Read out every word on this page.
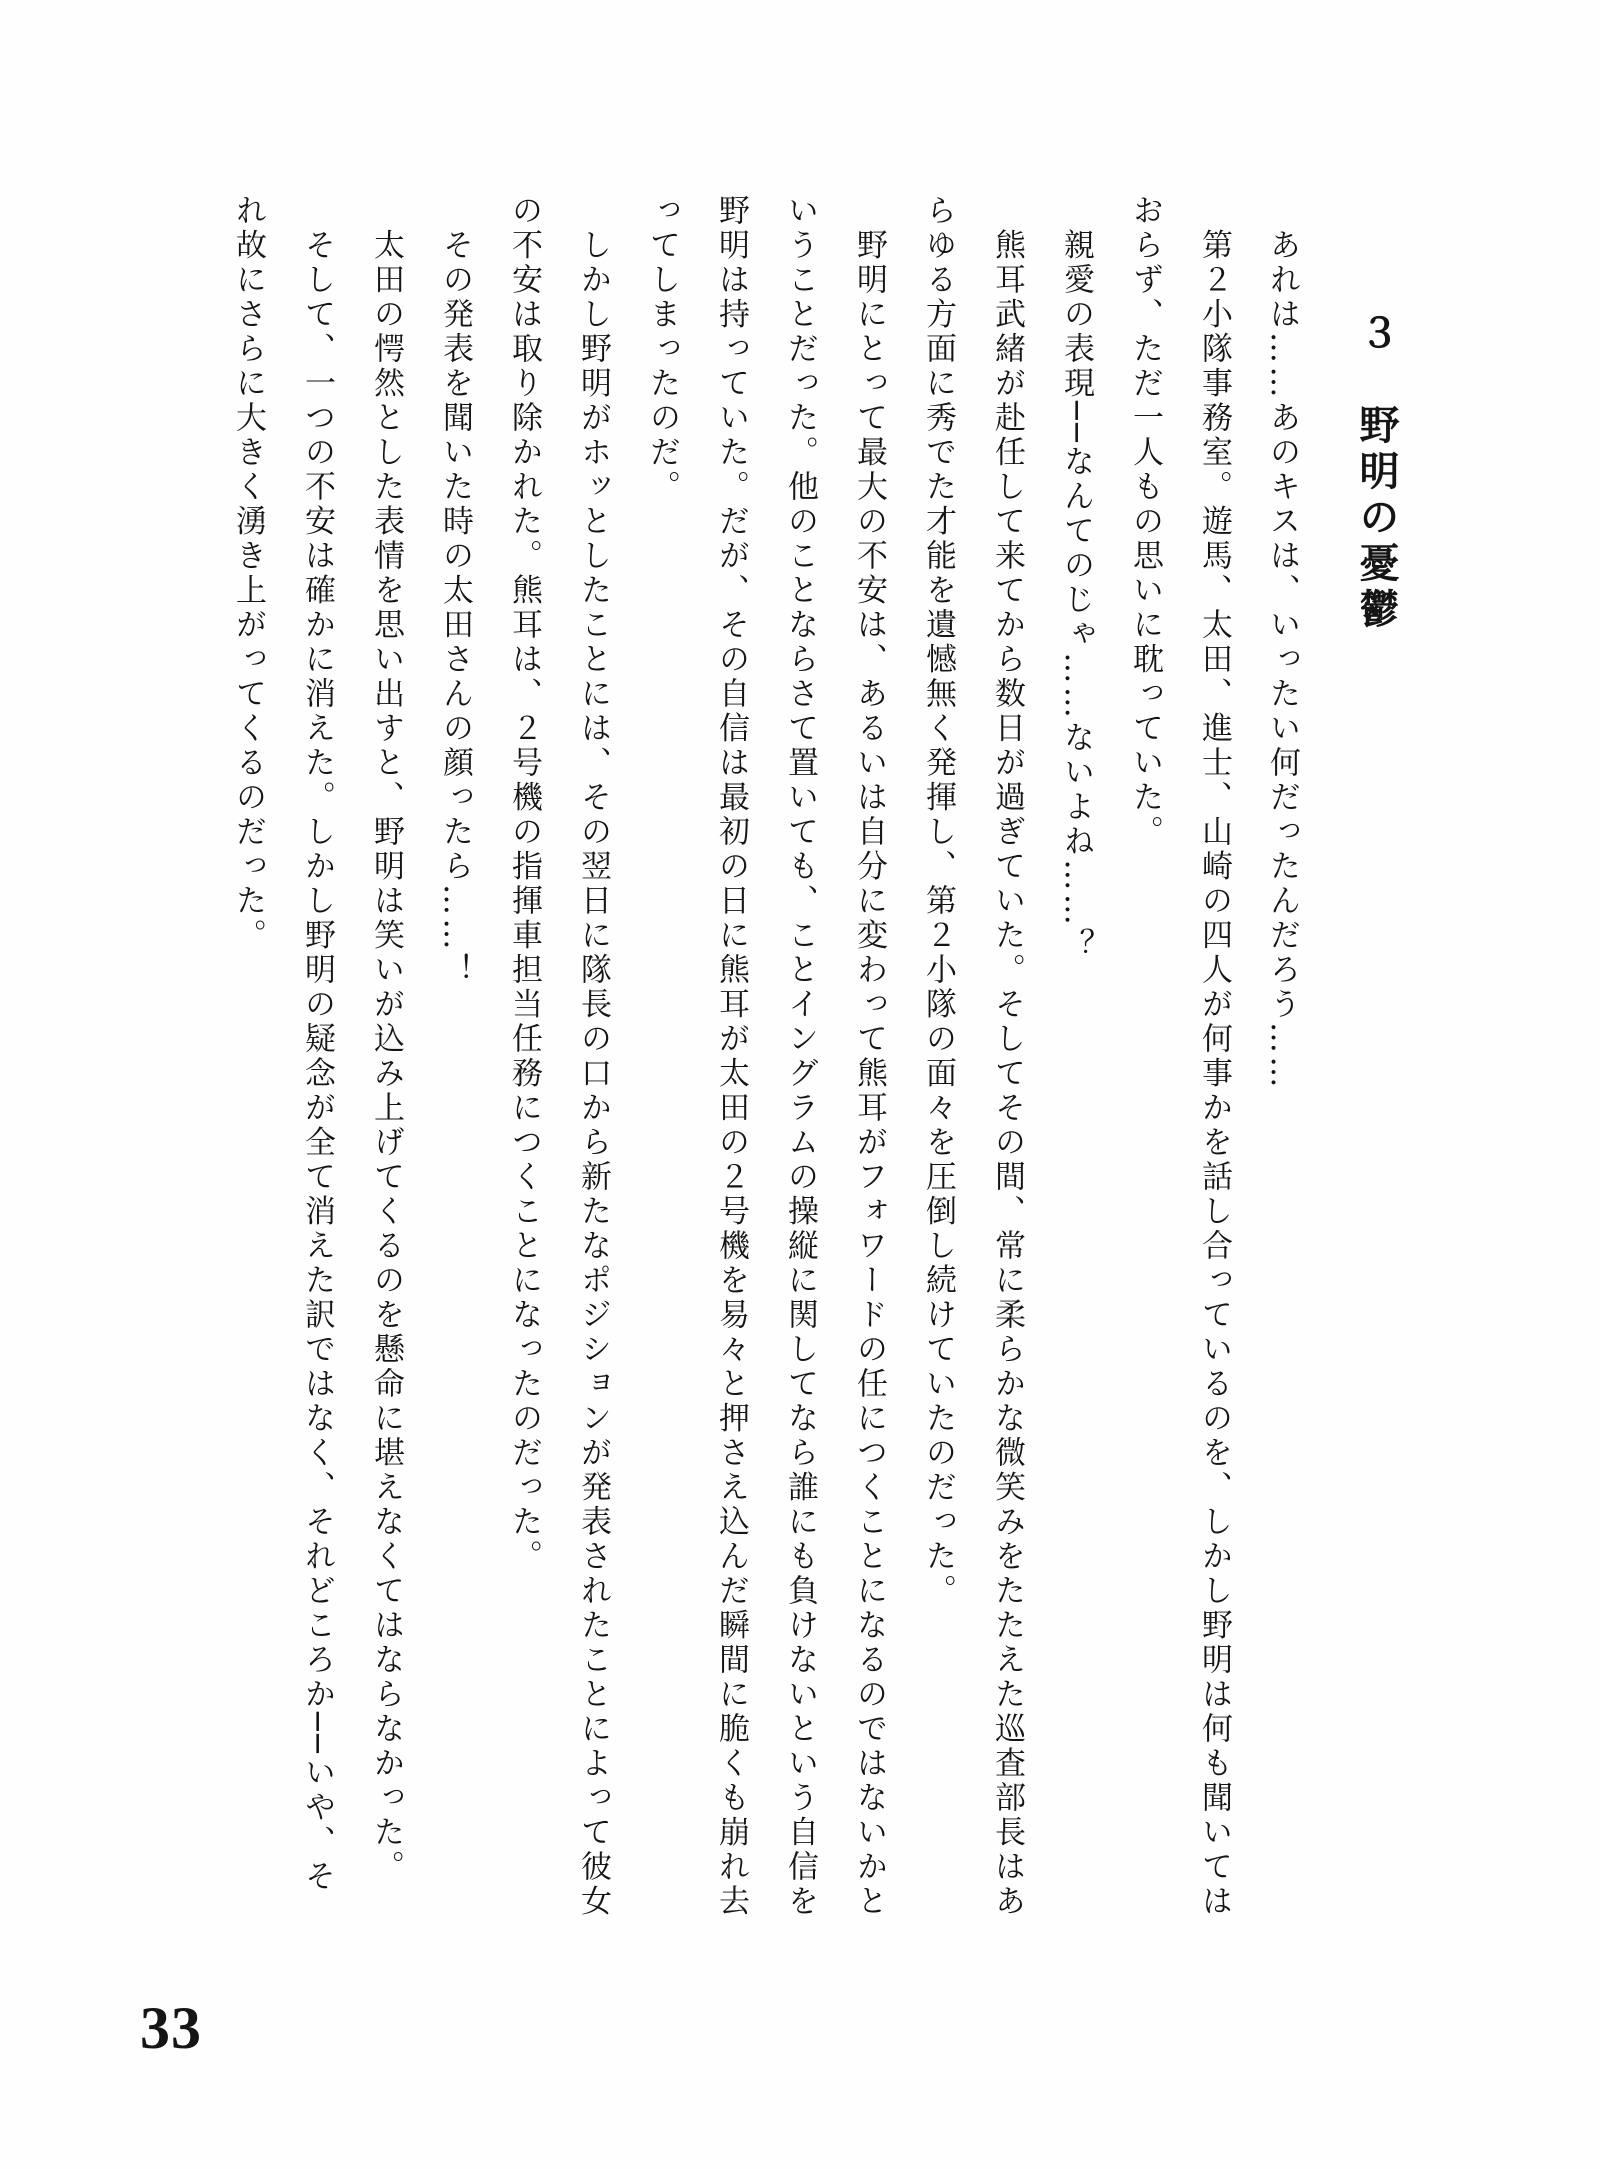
３　野明の憂鬱
　あれは……あのキスは、いったい何だったんだろう……
　第２小隊事務室。遊馬、太田、進士、山崎の四人が何事かを話し合っているのを、しかし野明は何も聞いては
おらず、ただ一人もの思いに耽っていた。
　親愛の表現──なんてのじゃ……ないよね……？
　熊耳武緒が赴任して来てから数日が過ぎていた。そしてその間、常に柔らかな微笑みをたたえた巡査部長はあ
らゆる方面に秀でた才能を遺憾無く発揮し、第２小隊の面々を圧倒し続けていたのだった。
　野明にとって最大の不安は、あるいは自分に変わって熊耳がフォワードの任につくことになるのではないかと
いうことだった。他のことならさて置いても、ことイングラムの操縦に関してなら誰にも負けないという自信を
野明は持っていた。だが、その自信は最初の日に熊耳が太田の２号機を易々と押さえ込んだ瞬間に脆くも崩れ去
ってしまったのだ。
　しかし野明がホッとしたことには、その翌日に隊長の口から新たなポジションが発表されたことによって彼女
の不安は取り除かれた。熊耳は、２号機の指揮車担当任務につくことになったのだった。
　その発表を聞いた時の太田さんの顔ったら……！
　太田の愕然とした表情を思い出すと、野明は笑いが込み上げてくるのを懸命に堪えなくてはならなかった。
　そして、一つの不安は確かに消えた。しかし野明の疑念が全て消えた訳ではなく、それどころか──いや、そ
れ故にさらに大きく湧き上がってくるのだった。
33
